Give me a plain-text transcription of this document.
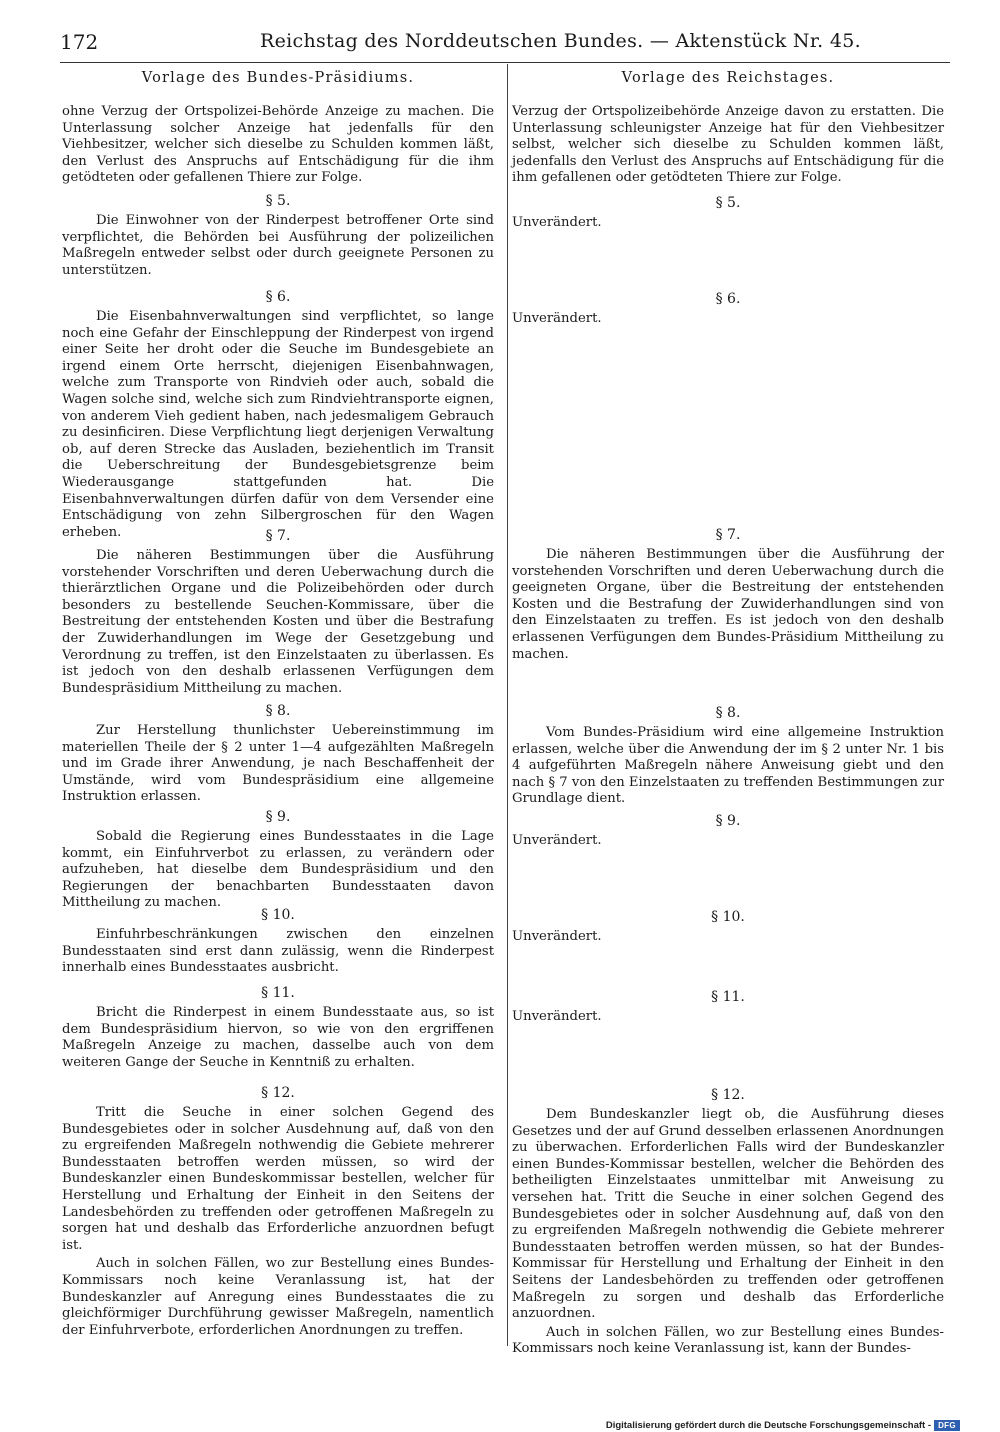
172	Reichstag des Norddeutschen Bundes. — Aktenstück Nr. 45.
Vorlage des Bundes-Präsidiums.

ohne Verzug der Ortspolizei-Behörde Anzeige zu machen. Die Unterlassung solcher Anzeige hat jedenfalls für den Viehbesitzer, welcher sich dieselbe zu Schulden kommen läßt, den Verlust des Anspruchs auf Entschädigung für die ihm getödteten oder gefallenen Thiere zur Folge.

§ 5.

Die Einwohner von der Rinderpest betroffener Orte sind verpflichtet, die Behörden bei Ausführung der polizeilichen Maßregeln entweder selbst oder durch geeignete Personen zu unterstützen.

§ 6.

Die Eisenbahnverwaltungen sind verpflichtet, so lange noch eine Gefahr der Einschleppung der Rinderpest von irgend einer Seite her droht oder die Seuche im Bundesgebiete an irgend einem Orte herrscht, diejenigen Eisenbahnwagen, welche zum Transporte von Rindvieh oder auch, sobald die Wagen solche sind, welche sich zum Rindviehtransporte eignen, von anderem Vieh gedient haben, nach jedesmaligem Gebrauch zu desinficiren. Diese Verpflichtung liegt derjenigen Verwaltung ob, auf deren Strecke das Ausladen, beziehentlich im Transit die Ueberschreitung der Bundesgebietsgrenze beim Wiederausgange stattgefunden hat. Die Eisenbahnverwaltungen dürfen dafür von dem Versender eine Entschädigung von zehn Silbergroschen für den Wagen erheben.	§ 7.

Die näheren Bestimmungen über die Ausführung vorstehender Vorschriften und deren Ueberwachung durch die thierärztlichen Organe und die Polizeibehörden oder durch besonders zu bestellende Seuchen-Kommissare, über die Bestreitung der entstehenden Kosten und über die Bestrafung der Zuwiderhandlungen im Wege der Gesetzgebung und Verordnung zu treffen, ist den Einzelstaaten zu überlassen. Es ist jedoch von den deshalb erlassenen Verfügungen dem Bundespräsidium Mittheilung zu machen.

§ 8.

Zur Herstellung thunlichster Uebereinstimmung im materiellen Theile der § 2 unter 1—4 aufgezählten Maßregeln und im Grade ihrer Anwendung, je nach Beschaffenheit der Umstände, wird vom Bundespräsidium eine allgemeine Instruktion erlassen.

§ 9.

Sobald die Regierung eines Bundesstaates in die Lage kommt, ein Einfuhrverbot zu erlassen, zu verändern oder aufzuheben, hat dieselbe dem Bundespräsidium und den Regierungen der benachbarten Bundesstaaten davon Mittheilung zu machen.

§ 10.

Einfuhrbeschränkungen zwischen den einzelnen Bundesstaaten sind erst dann zulässig, wenn die Rinderpest innerhalb eines Bundesstaates ausbricht.

§ 11.

Bricht die Rinderpest in einem Bundesstaate aus, so ist dem Bundespräsidium hiervon, so wie von den ergriffenen Maßregeln Anzeige zu machen, dasselbe auch von dem weiteren Gange der Seuche in Kenntniß zu erhalten.

§ 12.

Tritt die Seuche in einer solchen Gegend des Bundesgebietes oder in solcher Ausdehnung auf, daß von den zu ergreifenden Maßregeln nothwendig die Gebiete mehrerer Bundesstaaten betroffen werden müssen, so wird der Bundeskanzler einen Bundeskommissar bestellen, welcher für Herstellung und Erhaltung der Einheit in den Seitens der Landesbehörden zu treffenden oder getroffenen Maßregeln zu sorgen hat und deshalb das Erforderliche anzuordnen befugt ist.

Auch in solchen Fällen, wo zur Bestellung eines Bundes-Kommissars noch keine Veranlassung ist, hat der Bundeskanzler auf Anregung eines Bundesstaates die zu gleichförmiger Durchführung gewisser Maßregeln, namentlich der Einfuhrverbote, erforderlichen Anordnungen zu treffen.

Vorlage des Reichstages.

Verzug der Ortspolizeibehörde Anzeige davon zu erstatten. Die Unterlassung schleunigster Anzeige hat für den Viehbesitzer selbst, welcher sich dieselbe zu Schulden kommen läßt, jedenfalls den Verlust des Anspruchs auf Entschädigung für die ihm gefallenen oder getödteten Thiere zur Folge.

§ 5.

Unverändert.

§ 6.

Unverändert.

§ 7.

Die näheren Bestimmungen über die Ausführung der vorstehenden Vorschriften und deren Ueberwachung durch die geeigneten Organe, über die Bestreitung der entstehenden Kosten und die Bestrafung der Zuwiderhandlungen sind von den Einzelstaaten zu treffen. Es ist jedoch von den deshalb erlassenen Verfügungen dem Bundes-Präsidium Mittheilung zu machen.

§ 8.

Vom Bundes-Präsidium wird eine allgemeine Instruktion erlassen, welche über die Anwendung der im § 2 unter Nr. 1 bis 4 aufgeführten Maßregeln nähere Anweisung giebt und den nach § 7 von den Einzelstaaten zu treffenden Bestimmungen zur Grundlage dient.

§ 9.

Unverändert.

§ 10.

Unverändert.

§ 11.

Unverändert.

§ 12.

Dem Bundeskanzler liegt ob, die Ausführung dieses Gesetzes und der auf Grund desselben erlassenen Anordnungen zu überwachen. Erforderlichen Falls wird der Bundeskanzler einen Bundes-Kommissar bestellen, welcher die Behörden des betheiligten Einzelstaates unmittelbar mit Anweisung zu versehen hat. Tritt die Seuche in einer solchen Gegend des Bundesgebietes oder in solcher Ausdehnung auf, daß von den zu ergreifenden Maßregeln nothwendig die Gebiete mehrerer Bundesstaaten betroffen werden müssen, so hat der Bundes-Kommissar für Herstellung und Erhaltung der Einheit in den Seitens der Landesbehörden zu treffenden oder getroffenen Maßregeln zu sorgen und deshalb das Erforderliche anzuordnen.

Auch in solchen Fällen, wo zur Bestellung eines Bundes-Kommissars noch keine Veranlassung ist, kann der Bundes-

Digitalisierung gefördert durch die Deutsche Forschungsgemeinschaft - DFG
